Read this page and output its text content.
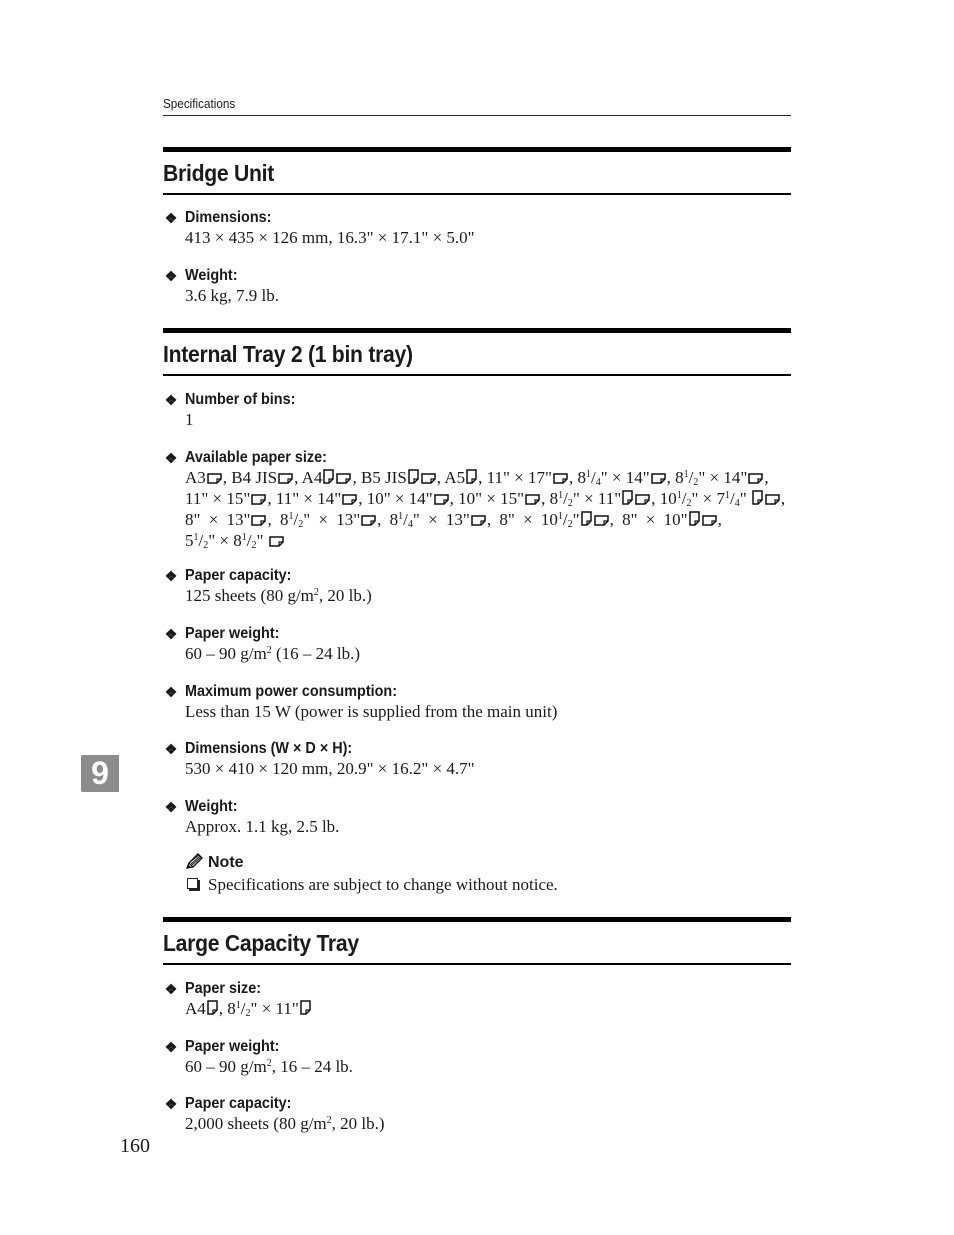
Specifications
Bridge Unit
❖ Dimensions:
413 × 435 × 126 mm, 16.3" × 17.1" × 5.0"
❖ Weight:
3.6 kg, 7.9 lb.
Internal Tray 2 (1 bin tray)
❖ Number of bins:
1
❖ Available paper size:
A3 , B4 JIS , A4 , B5 JIS , A5 , 11" × 17" , $8^1/_4$" × 14" , $8^1/_2$" × 14" ,
11" × 15" , 11" × 14" , 10" × 14" , 10" × 15" , $8^1/_2$" × 11" , $10^1/_2$" × $7^1/_4$" ,
8" × 13" , $8^1/_2$" × 13" , $8^1/_4$" × 13" , 8" × $10^1/_2$" , 8" × 10" ,
$5^1/_2$" × $8^1/_2$"
❖ Paper capacity:
125 sheets (80 $g/m^2$, 20 lb.)
❖ Paper weight:
60 – 90 $g/m^2$ (16 – 24 lb.)
❖ Maximum power consumption:
Less than 15 W (power is supplied from the main unit)
❖ Dimensions (W × D × H):
530 × 410 × 120 mm, 20.9" × 16.2" × 4.7"
❖ Weight:
Approx. 1.1 kg, 2.5 lb.
Note
Specifications are subject to change without notice.
Large Capacity Tray
❖ Paper size:
A4 , $8^1/_2$" × 11"
❖ Paper weight:
60 – 90 $g/m^2$, 16 – 24 lb.
❖ Paper capacity:
2,000 sheets (80 $g/m^2$, 20 lb.)
9
160
